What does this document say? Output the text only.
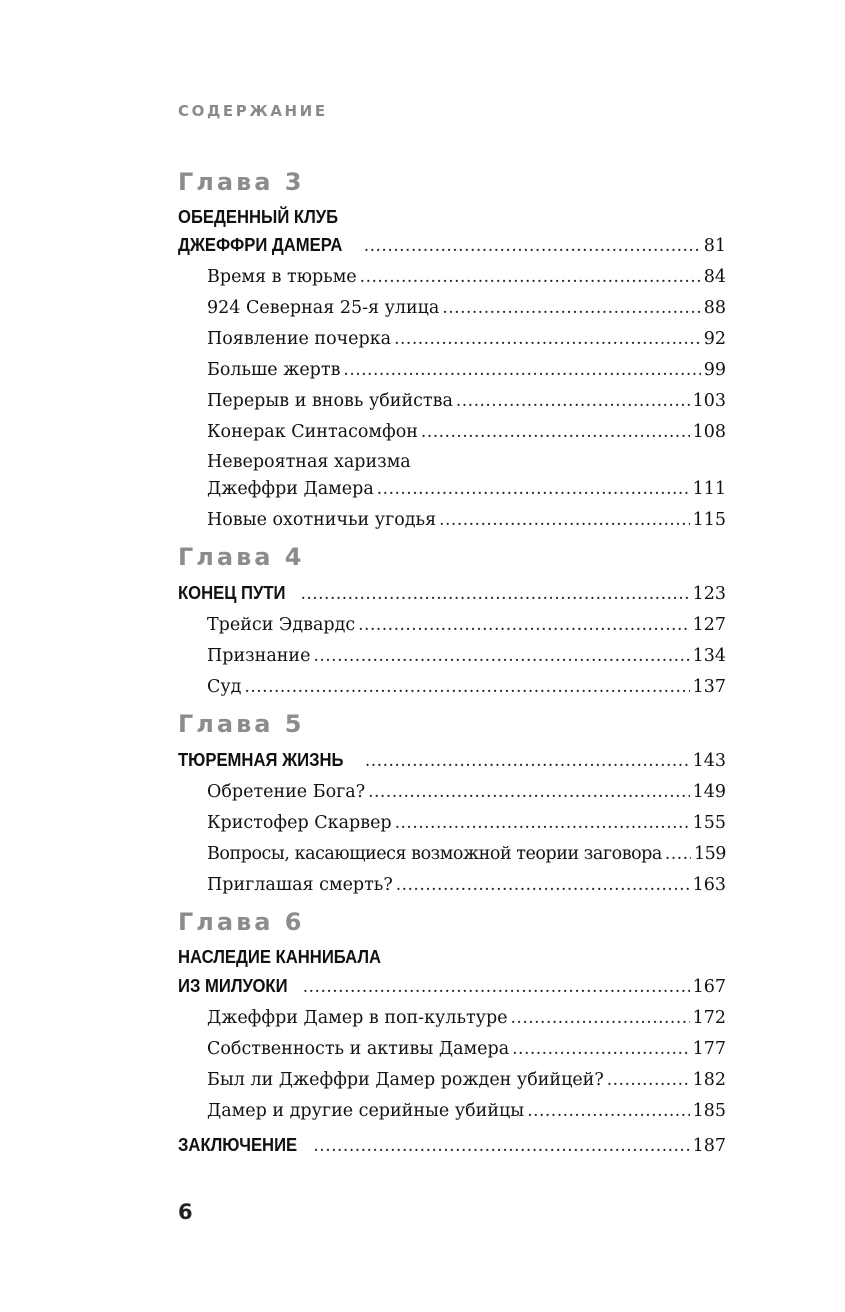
СОДЕРЖАНИЕ
Глава 3
ОБЕДЕННЫЙ КЛУБ
ДЖЕФФРИ ДАМЕРА .....	81
Время в тюрьме .....	84
924 Северная 25-я улица .....	88
Появление почерка .....	92
Больше жертв .....	99
Перерыв и вновь убийства .....	103
Конерак Синтасомфон .....	108
Невероятная харизма
Джеффри Дамера .....	111
Новые охотничьи угодья .....	115
Глава 4
КОНЕЦ ПУТИ .....	123
Трейси Эдвардс .....	127
Признание .....	134
Суд .....	137
Глава 5
ТЮРЕМНАЯ ЖИЗНЬ .....	143
Обретение Бога? .....	149
Кристофер Скарвер .....	155
Вопросы, касающиеся возможной теории заговора ..... 159
Приглашая смерть? .....	163
Глава 6
НАСЛЕДИЕ КАННИБАЛА
ИЗ МИЛУОКИ .....	167
Джеффри Дамер в поп-культуре .....	172
Собственность и активы Дамера .....	177
Был ли Джеффри Дамер рожден убийцей? .....	182
Дамер и другие серийные убийцы .....	185
ЗАКЛЮЧЕНИЕ .....	187
6
